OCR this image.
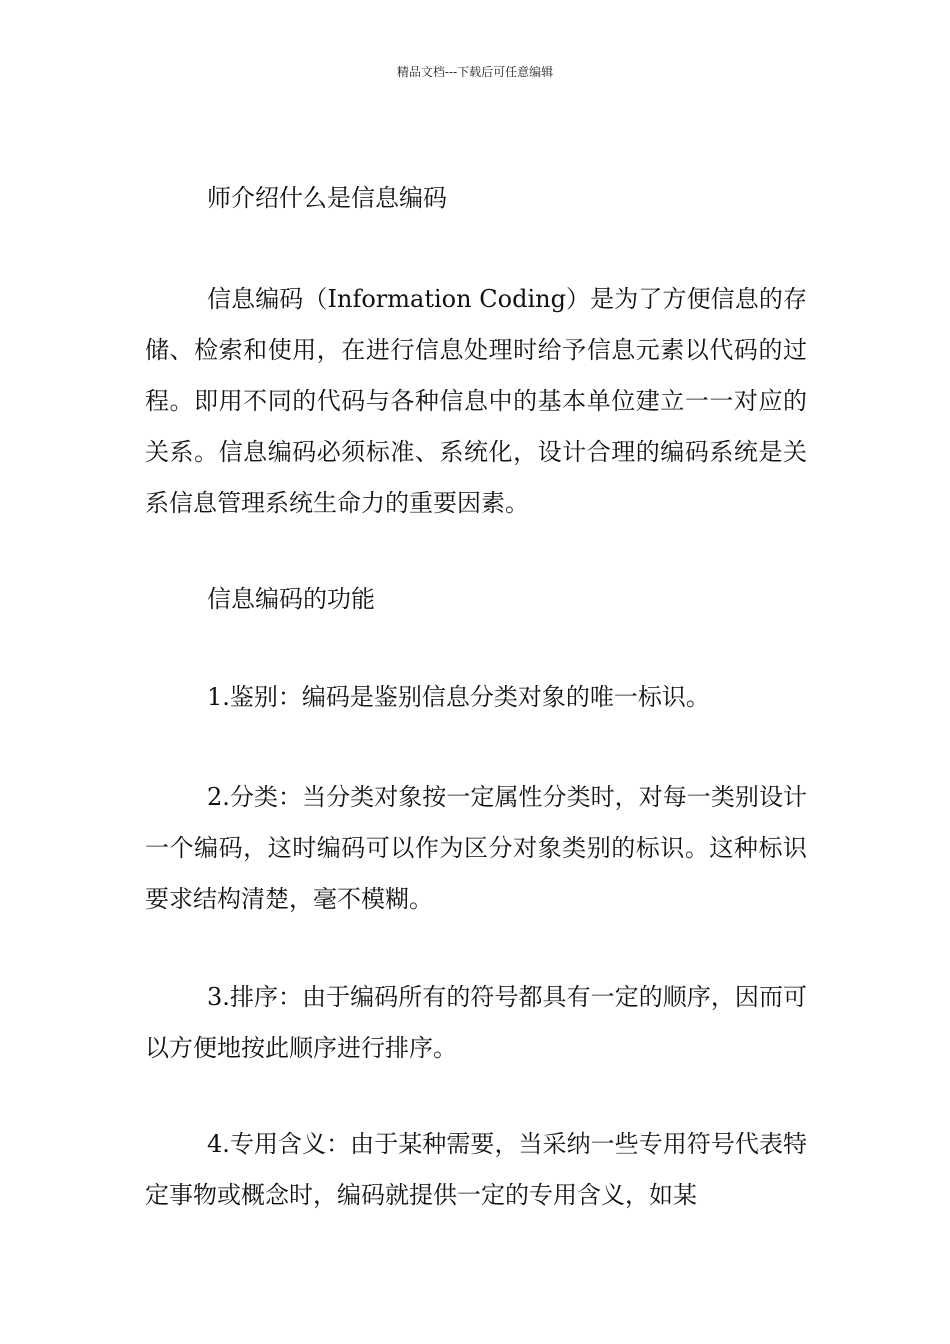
精品文档---下载后可任意编辑

师介绍什么是信息编码

信息编码（Information Coding）是为了方便信息的存储、检索和使用，在进行信息处理时给予信息元素以代码的过程。即用不同的代码与各种信息中的基本单位建立一一对应的关系。信息编码必须标准、系统化，设计合理的编码系统是关系信息管理系统生命力的重要因素。

信息编码的功能

1.鉴别：编码是鉴别信息分类对象的唯一标识。

2.分类：当分类对象按一定属性分类时，对每一类别设计一个编码，这时编码可以作为区分对象类别的标识。这种标识要求结构清楚，毫不模糊。

3.排序：由于编码所有的符号都具有一定的顺序，因而可以方便地按此顺序进行排序。

4.专用含义：由于某种需要，当采纳一些专用符号代表特定事物或概念时，编码就提供一定的专用含义，如某
